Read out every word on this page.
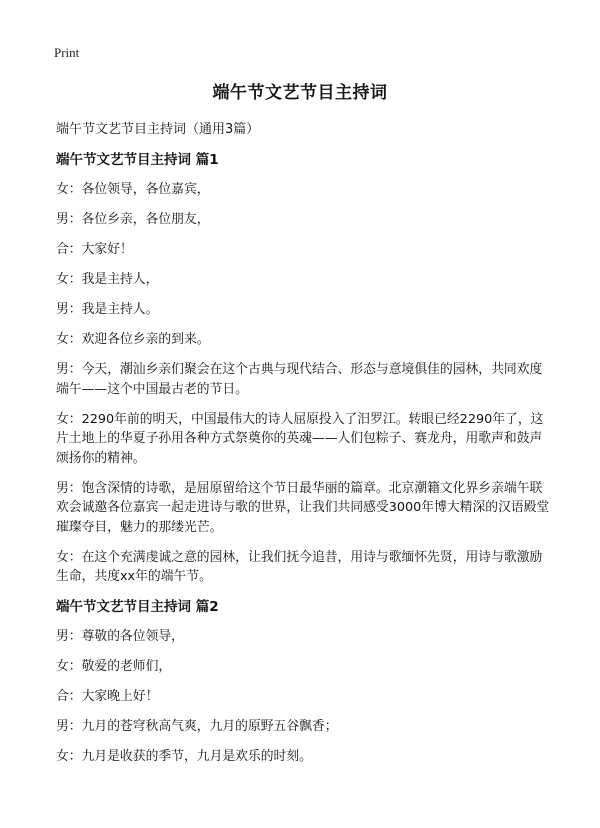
Print
端午节文艺节目主持词

端午节文艺节目主持词（通用3篇）

端午节文艺节目主持词 篇1

女：各位领导，各位嘉宾，

男：各位乡亲，各位朋友，

合：大家好！

女：我是主持人，

男：我是主持人。

女：欢迎各位乡亲的到来。

男：今天，潮汕乡亲们聚会在这个古典与现代结合、形态与意境俱佳的园林，共同欢度端午——这个中国最古老的节日。

女：2290年前的明天，中国最伟大的诗人屈原投入了汨罗江。转眼已经2290年了，这片土地上的华夏子孙用各种方式祭奠你的英魂——人们包粽子、赛龙舟，用歌声和鼓声颂扬你的精神。

男：饱含深情的诗歌，是屈原留给这个节日最华丽的篇章。北京潮籍文化界乡亲端午联欢会诚邀各位嘉宾一起走进诗与歌的世界，让我们共同感受3000年博大精深的汉语殿堂璀璨夺目，魅力的那缕光芒。

女：在这个充满虔诚之意的园林，让我们抚今追昔，用诗与歌缅怀先贤，用诗与歌激励生命，共度xx年的端午节。

端午节文艺节目主持词 篇2

男：尊敬的各位领导，

女：敬爱的老师们，

合：大家晚上好！

男：九月的苍穹秋高气爽，九月的原野五谷飘香；

女：九月是收获的季节，九月是欢乐的时刻。
